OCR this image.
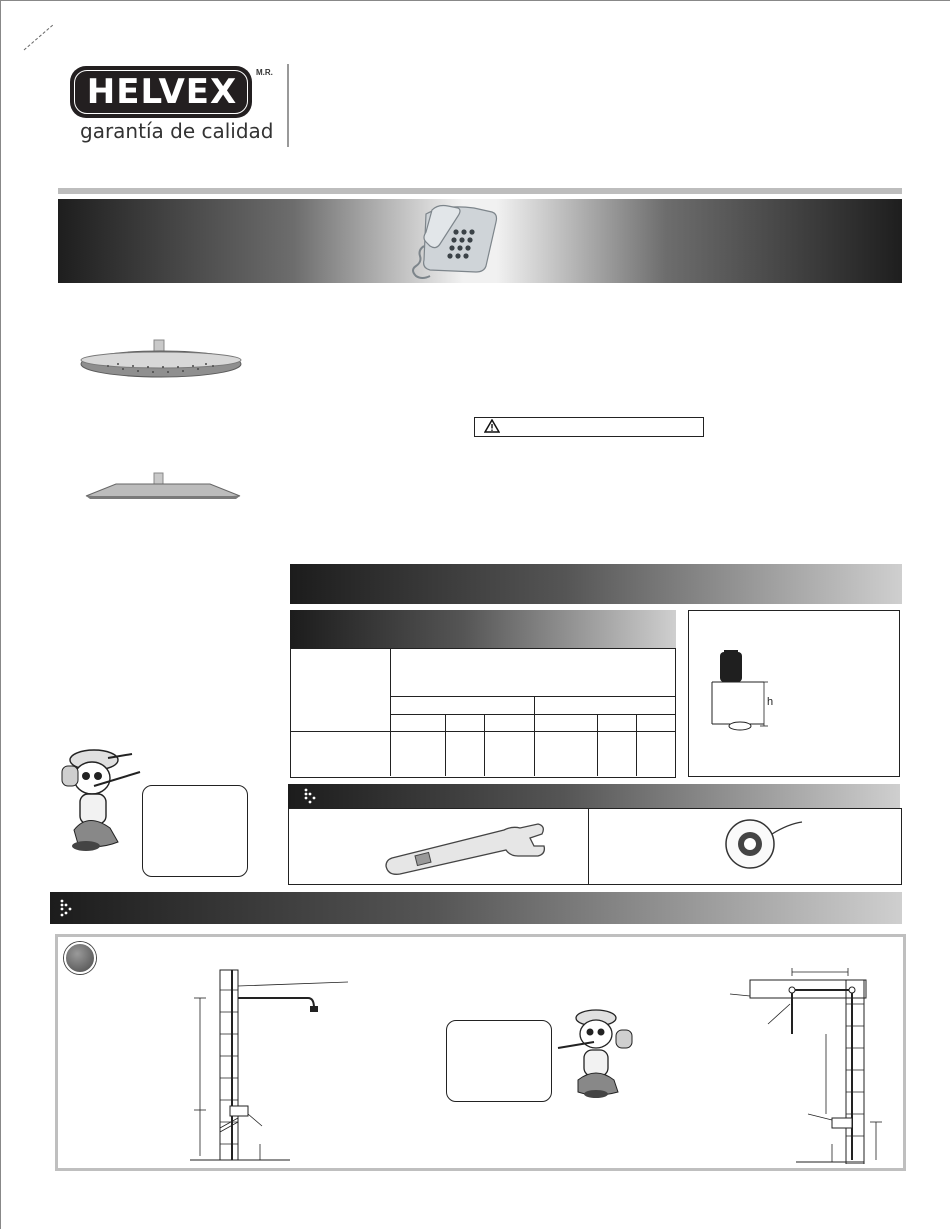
HELVEX	M.R.
garantía de calidad
h
